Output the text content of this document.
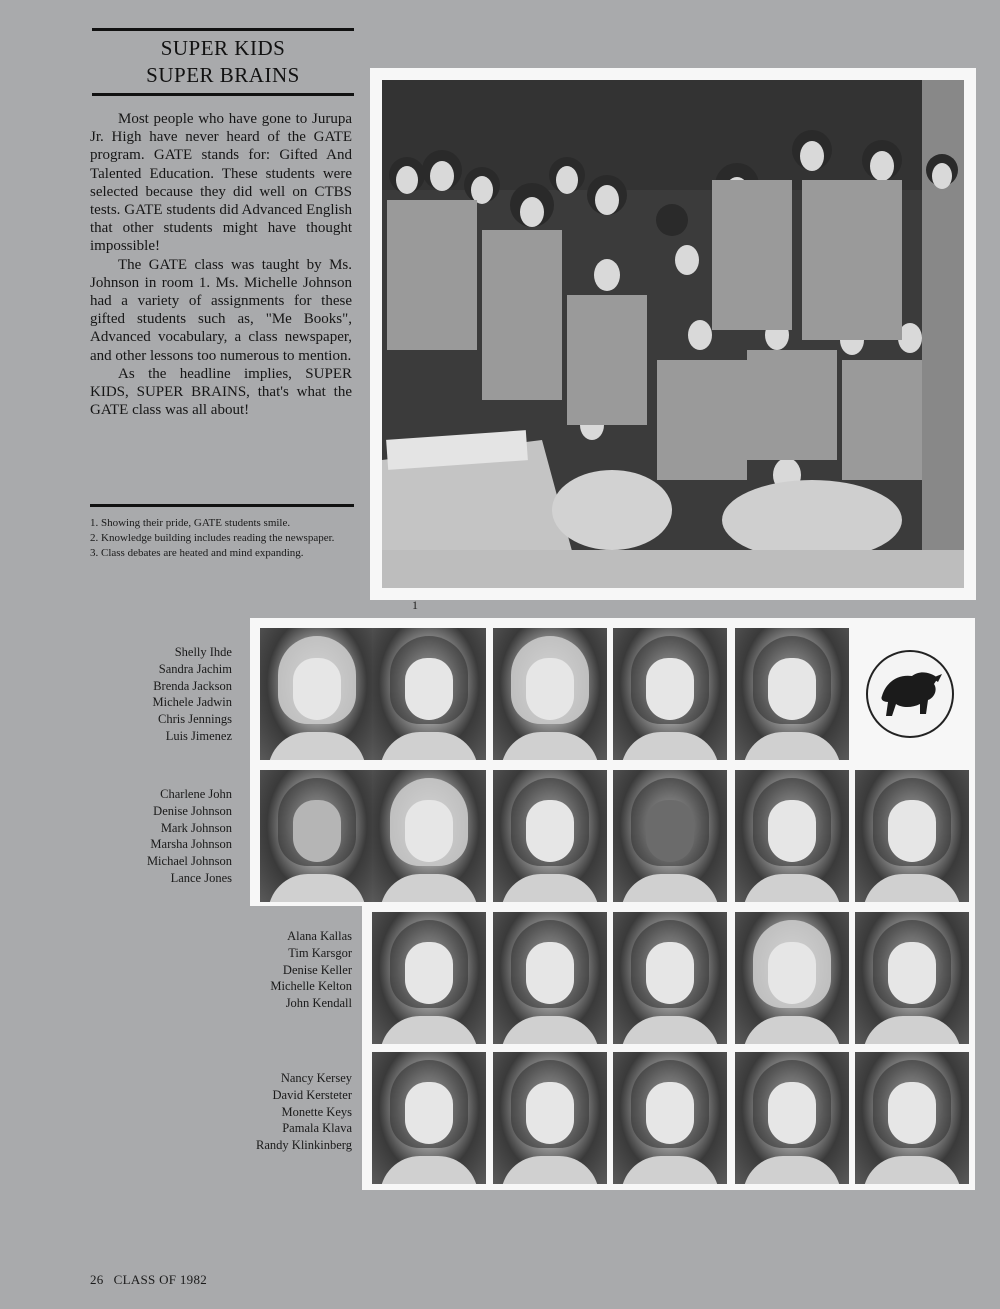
SUPER KIDS
SUPER BRAINS

Most people who have gone to Jurupa Jr. High have never heard of the GATE program. GATE stands for: Gifted And Talented Education. These students were selected because they did well on CTBS tests. GATE students did Advanced English that other students might have thought impossible!

The GATE class was taught by Ms. Johnson in room 1. Ms. Michelle Johnson had a variety of assignments for these gifted students such as, "Me Books", Advanced vocabulary, a class newspaper, and other lessons too numerous to mention.

As the headline implies, SUPER KIDS, SUPER BRAINS, that's what the GATE class was all about!

1. Showing their pride, GATE students smile.
2. Knowledge building includes reading the newspaper.
3. Class debates are heated and mind expanding.
1
Shelly Ihde
Sandra Jachim
Brenda Jackson
Michele Jadwin
Chris Jennings
Luis Jimenez
Charlene John
Denise Johnson
Mark Johnson
Marsha Johnson
Michael Johnson
Lance Jones
Alana Kallas
Tim Karsgor
Denise Keller
Michelle Kelton
John Kendall
Nancy Kersey
David Kersteter
Monette Keys
Pamala Klava
Randy Klinkinberg
26 CLASS OF 1982
